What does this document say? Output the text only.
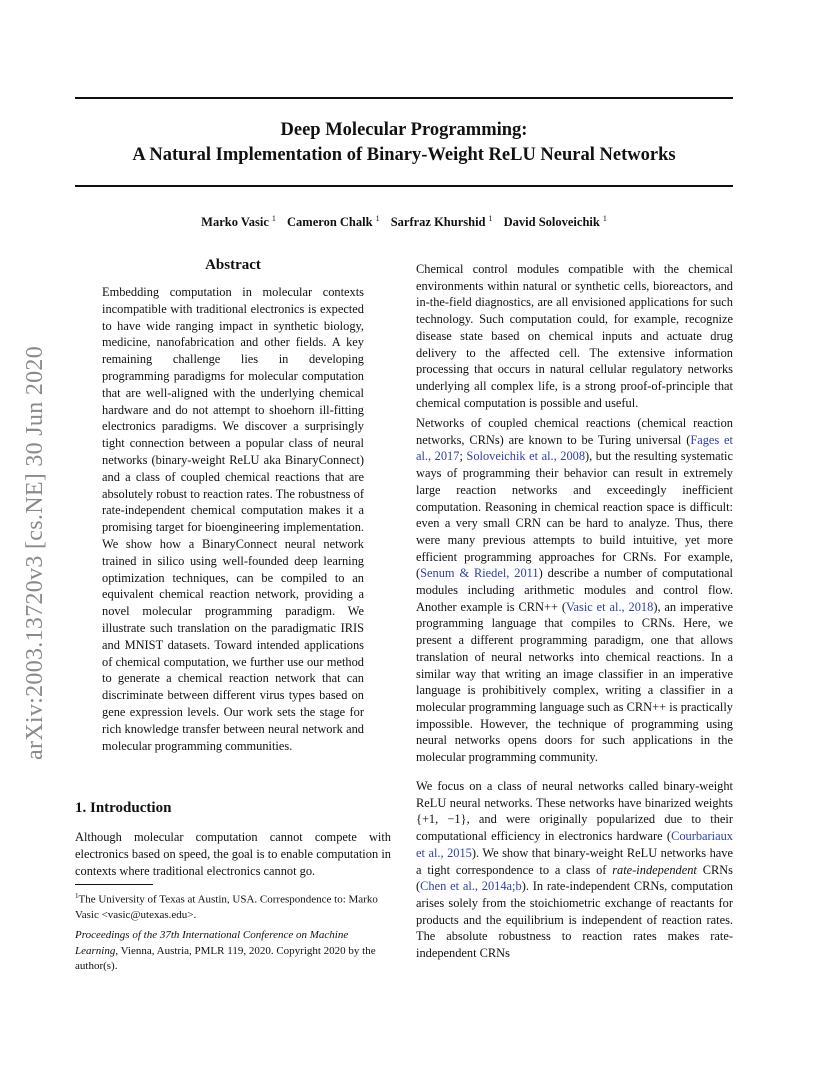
Deep Molecular Programming:
A Natural Implementation of Binary-Weight ReLU Neural Networks
Marko Vasic $^1$ Cameron Chalk $^1$ Sarfraz Khurshid $^1$ David Soloveichik $^1$
arXiv:2003.13720v3 [cs.NE] 30 Jun 2020
Abstract
Embedding computation in molecular contexts incompatible with traditional electronics is expected to have wide ranging impact in synthetic biology, medicine, nanofabrication and other fields. A key remaining challenge lies in developing programming paradigms for molecular computation that are well-aligned with the underlying chemical hardware and do not attempt to shoehorn ill-fitting electronics paradigms. We discover a surprisingly tight connection between a popular class of neural networks (binary-weight ReLU aka BinaryConnect) and a class of coupled chemical reactions that are absolutely robust to reaction rates. The robustness of rate-independent chemical computation makes it a promising target for bioengineering implementation. We show how a BinaryConnect neural network trained in silico using well-founded deep learning optimization techniques, can be compiled to an equivalent chemical reaction network, providing a novel molecular programming paradigm. We illustrate such translation on the paradigmatic IRIS and MNIST datasets. Toward intended applications of chemical computation, we further use our method to generate a chemical reaction network that can discriminate between different virus types based on gene expression levels. Our work sets the stage for rich knowledge transfer between neural network and molecular programming communities.
1. Introduction
Although molecular computation cannot compete with electronics based on speed, the goal is to enable computation in contexts where traditional electronics cannot go.
$^1$The University of Texas at Austin, USA. Correspondence to: Marko Vasic <vasic@utexas.edu>.
Proceedings of the 37th International Conference on Machine Learning, Vienna, Austria, PMLR 119, 2020. Copyright 2020 by the author(s).
Chemical control modules compatible with the chemical environments within natural or synthetic cells, bioreactors, and in-the-field diagnostics, are all envisioned applications for such technology. Such computation could, for example, recognize disease state based on chemical inputs and actuate drug delivery to the affected cell. The extensive information processing that occurs in natural cellular regulatory networks underlying all complex life, is a strong proof-of-principle that chemical computation is possible and useful.
Networks of coupled chemical reactions (chemical reaction networks, CRNs) are known to be Turing universal (Fages et al., 2017; Soloveichik et al., 2008), but the resulting systematic ways of programming their behavior can result in extremely large reaction networks and exceedingly inefficient computation. Reasoning in chemical reaction space is difficult: even a very small CRN can be hard to analyze. Thus, there were many previous attempts to build intuitive, yet more efficient programming approaches for CRNs. For example, (Senum & Riedel, 2011) describe a number of computational modules including arithmetic modules and control flow. Another example is CRN++ (Vasic et al., 2018), an imperative programming language that compiles to CRNs. Here, we present a different programming paradigm, one that allows translation of neural networks into chemical reactions. In a similar way that writing an image classifier in an imperative language is prohibitively complex, writing a classifier in a molecular programming language such as CRN++ is practically impossible. However, the technique of programming using neural networks opens doors for such applications in the molecular programming community.
We focus on a class of neural networks called binary-weight ReLU neural networks. These networks have binarized weights {+1, −1}, and were originally popularized due to their computational efficiency in electronics hardware (Courbariaux et al., 2015). We show that binary-weight ReLU networks have a tight correspondence to a class of rate-independent CRNs (Chen et al., 2014a;b). In rate-independent CRNs, computation arises solely from the stoichiometric exchange of reactants for products and the equilibrium is independent of reaction rates. The absolute robustness to reaction rates makes rate-independent CRNs
